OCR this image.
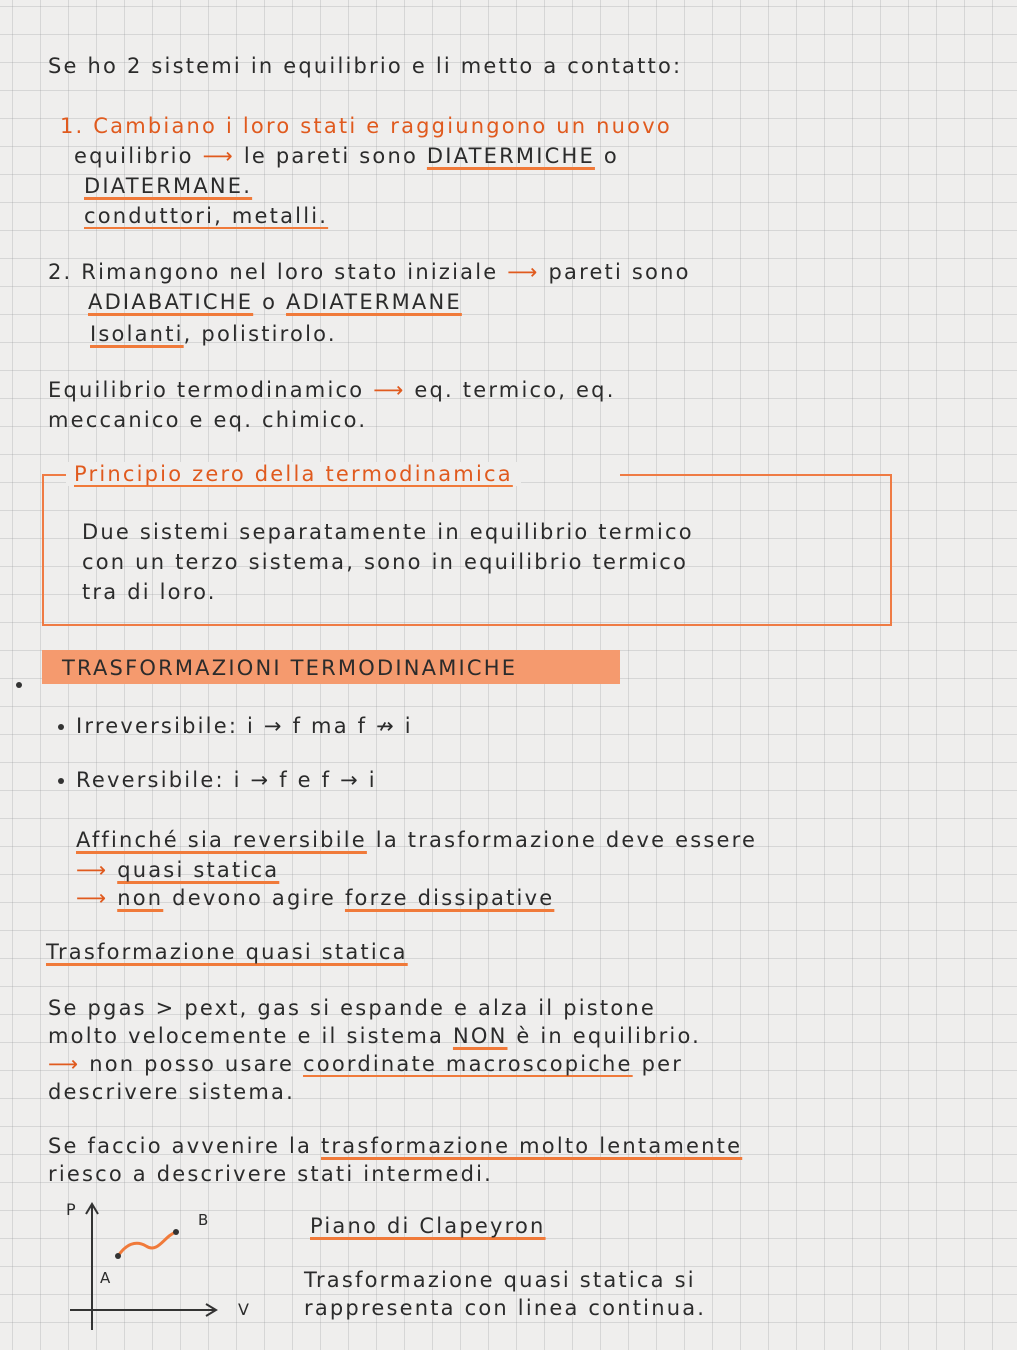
Se ho 2 sistemi in equilibrio e li metto a contatto:
1. Cambiano i loro stati e raggiungono un nuovo
equilibrio ⟶ le pareti sono DIATERMICHE o
DIATERMANE.
conduttori, metalli.
2. Rimangono nel loro stato iniziale ⟶ pareti sono
ADIABATICHE o ADIATERMANE
Isolanti, polistirolo.
Equilibrio termodinamico ⟶ eq. termico, eq.
meccanico e eq. chimico.
Principio zero della termodinamica
Due sistemi separatamente in equilibrio termico
con un terzo sistema, sono in equilibrio termico
tra di loro.
TRASFORMAZIONI TERMODINAMICHE
Irreversibile: i → f ma f ↛ i
Reversibile: i → f e f → i
Affinché sia reversibile la trasformazione deve essere
⟶ quasi statica
⟶ non devono agire forze dissipative
Trasformazione quasi statica
Se pgas > pext, gas si espande e alza il pistone
molto velocemente e il sistema NON è in equilibrio.
⟶ non posso usare coordinate macroscopiche per
descrivere sistema.
Se faccio avvenire la trasformazione molto lentamente
riesco a descrivere stati intermedi.
P
V
A
B	Piano di Clapeyron
Trasformazione quasi statica si
rappresenta con linea continua.
